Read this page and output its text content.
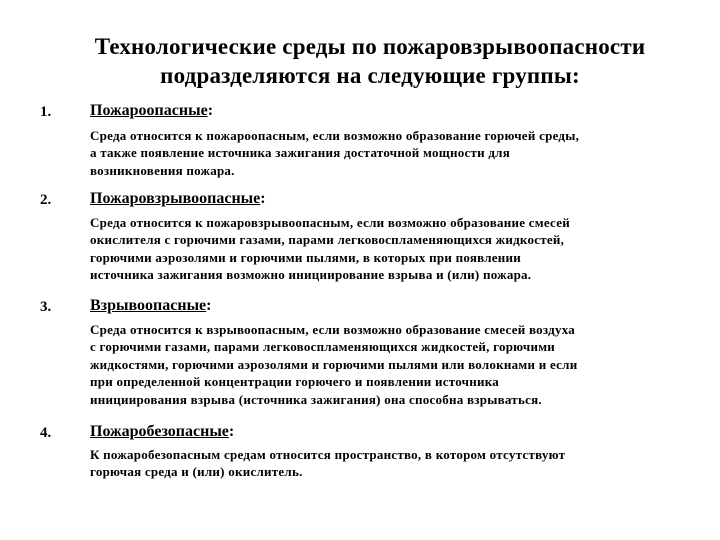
Технологические среды по пожаровзрывоопасности
подразделяются на следующие группы:
1. Пожароопасные:
Среда относится к пожароопасным, если возможно образование горючей среды,
а также появление источника зажигания достаточной мощности для
возникновения пожара.
2. Пожаровзрывоопасные:
Среда относится к пожаровзрывоопасным, если возможно образование смесей
окислителя с горючими газами, парами легковоспламеняющихся жидкостей,
горючими аэрозолями и горючими пылями, в которых при появлении
источника зажигания возможно инициирование взрыва и (или) пожара.
3. Взрывоопасные:
Среда относится к взрывоопасным, если возможно образование смесей воздуха
с горючими газами, парами легковоспламеняющихся жидкостей, горючими
жидкостями, горючими аэрозолями и горючими пылями или волокнами и если
при определенной концентрации горючего и появлении источника
инициирования взрыва (источника зажигания) она способна взрываться.
4. Пожаробезопасные:
К пожаробезопасным средам относится пространство, в котором отсутствуют
горючая среда и (или) окислитель.
